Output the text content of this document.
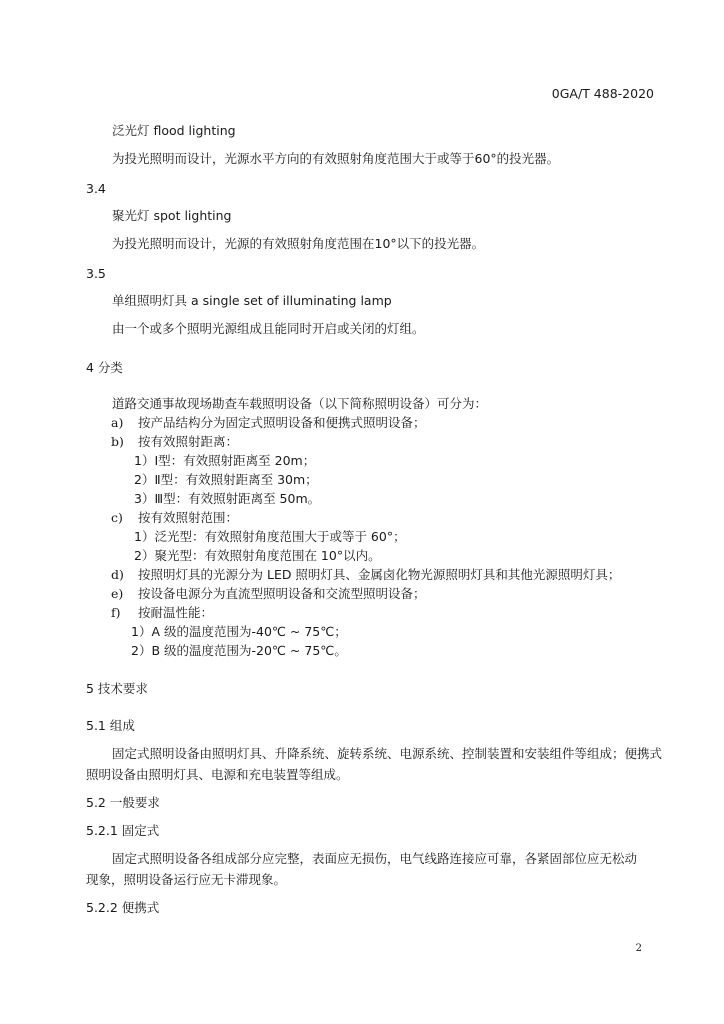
0GA/T 488-2020
泛光灯 flood lighting
为投光照明而设计，光源水平方向的有效照射角度范围大于或等于60°的投光器。
3.4
聚光灯 spot lighting
为投光照明而设计，光源的有效照射角度范围在10°以下的投光器。
3.5
单组照明灯具 a single set of illuminating lamp
由一个或多个照明光源组成且能同时开启或关闭的灯组。
4 分类
道路交通事故现场勘查车载照明设备（以下简称照明设备）可分为：
a) 按产品结构分为固定式照明设备和便携式照明设备；
b) 按有效照射距离：
1）Ⅰ型：有效照射距离至 20m；
2）Ⅱ型：有效照射距离至 30m；
3）Ⅲ型：有效照射距离至 50m。
c) 按有效照射范围：
1）泛光型：有效照射角度范围大于或等于 60°；
2）聚光型：有效照射角度范围在 10°以内。
d) 按照明灯具的光源分为 LED 照明灯具、金属卤化物光源照明灯具和其他光源照明灯具；
e) 按设备电源分为直流型照明设备和交流型照明设备；
f) 按耐温性能：
1）A 级的温度范围为-40℃ ~ 75℃；
2）B 级的温度范围为-20℃ ~ 75℃。
5 技术要求
5.1 组成
固定式照明设备由照明灯具、升降系统、旋转系统、电源系统、控制装置和安装组件等组成；便携式
照明设备由照明灯具、电源和充电装置等组成。
5.2 一般要求
5.2.1 固定式
固定式照明设备各组成部分应完整，表面应无损伤，电气线路连接应可靠，各紧固部位应无松动
现象，照明设备运行应无卡滞现象。
5.2.2 便携式
2
